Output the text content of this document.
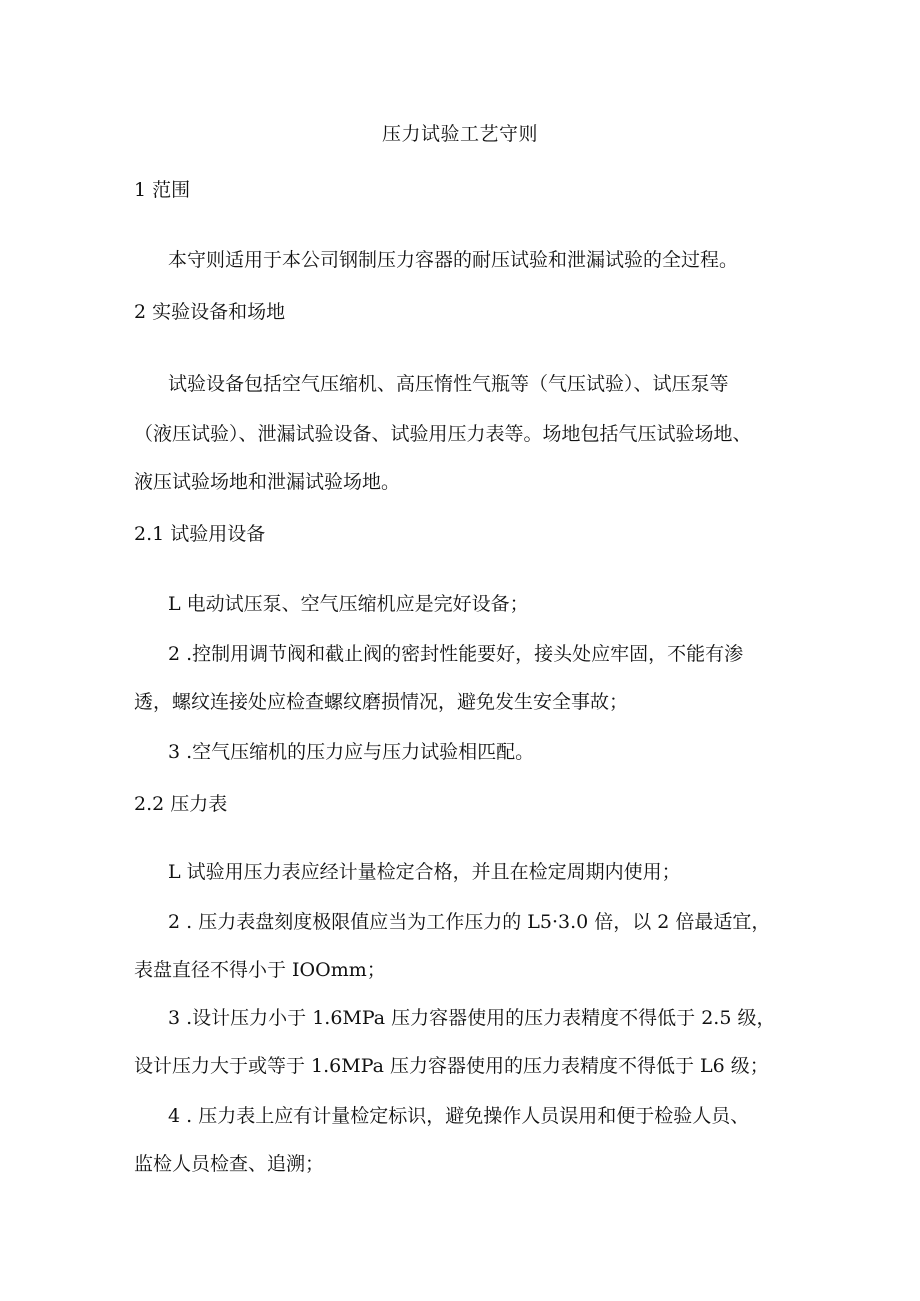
压力试验工艺守则
1 范围
本守则适用于本公司钢制压力容器的耐压试验和泄漏试验的全过程。
2 实验设备和场地
试验设备包括空气压缩机、高压惰性气瓶等（气压试验）、试压泵等
（液压试验）、泄漏试验设备、试验用压力表等。场地包括气压试验场地、
液压试验场地和泄漏试验场地。
2.1 试验用设备
L 电动试压泵、空气压缩机应是完好设备；
2 .控制用调节阀和截止阀的密封性能要好，接头处应牢固，不能有渗
透，螺纹连接处应检查螺纹磨损情况，避免发生安全事故；
3 .空气压缩机的压力应与压力试验相匹配。
2.2 压力表
L 试验用压力表应经计量检定合格，并且在检定周期内使用；
2 . 压力表盘刻度极限值应当为工作压力的 L5·3.0 倍，以 2 倍最适宜，
表盘直径不得小于 IOOmm；
3 .设计压力小于 1.6MPa 压力容器使用的压力表精度不得低于 2.5 级，
设计压力大于或等于 1.6MPa 压力容器使用的压力表精度不得低于 L6 级；
4 . 压力表上应有计量检定标识，避免操作人员误用和便于检验人员、
监检人员检查、追溯；
